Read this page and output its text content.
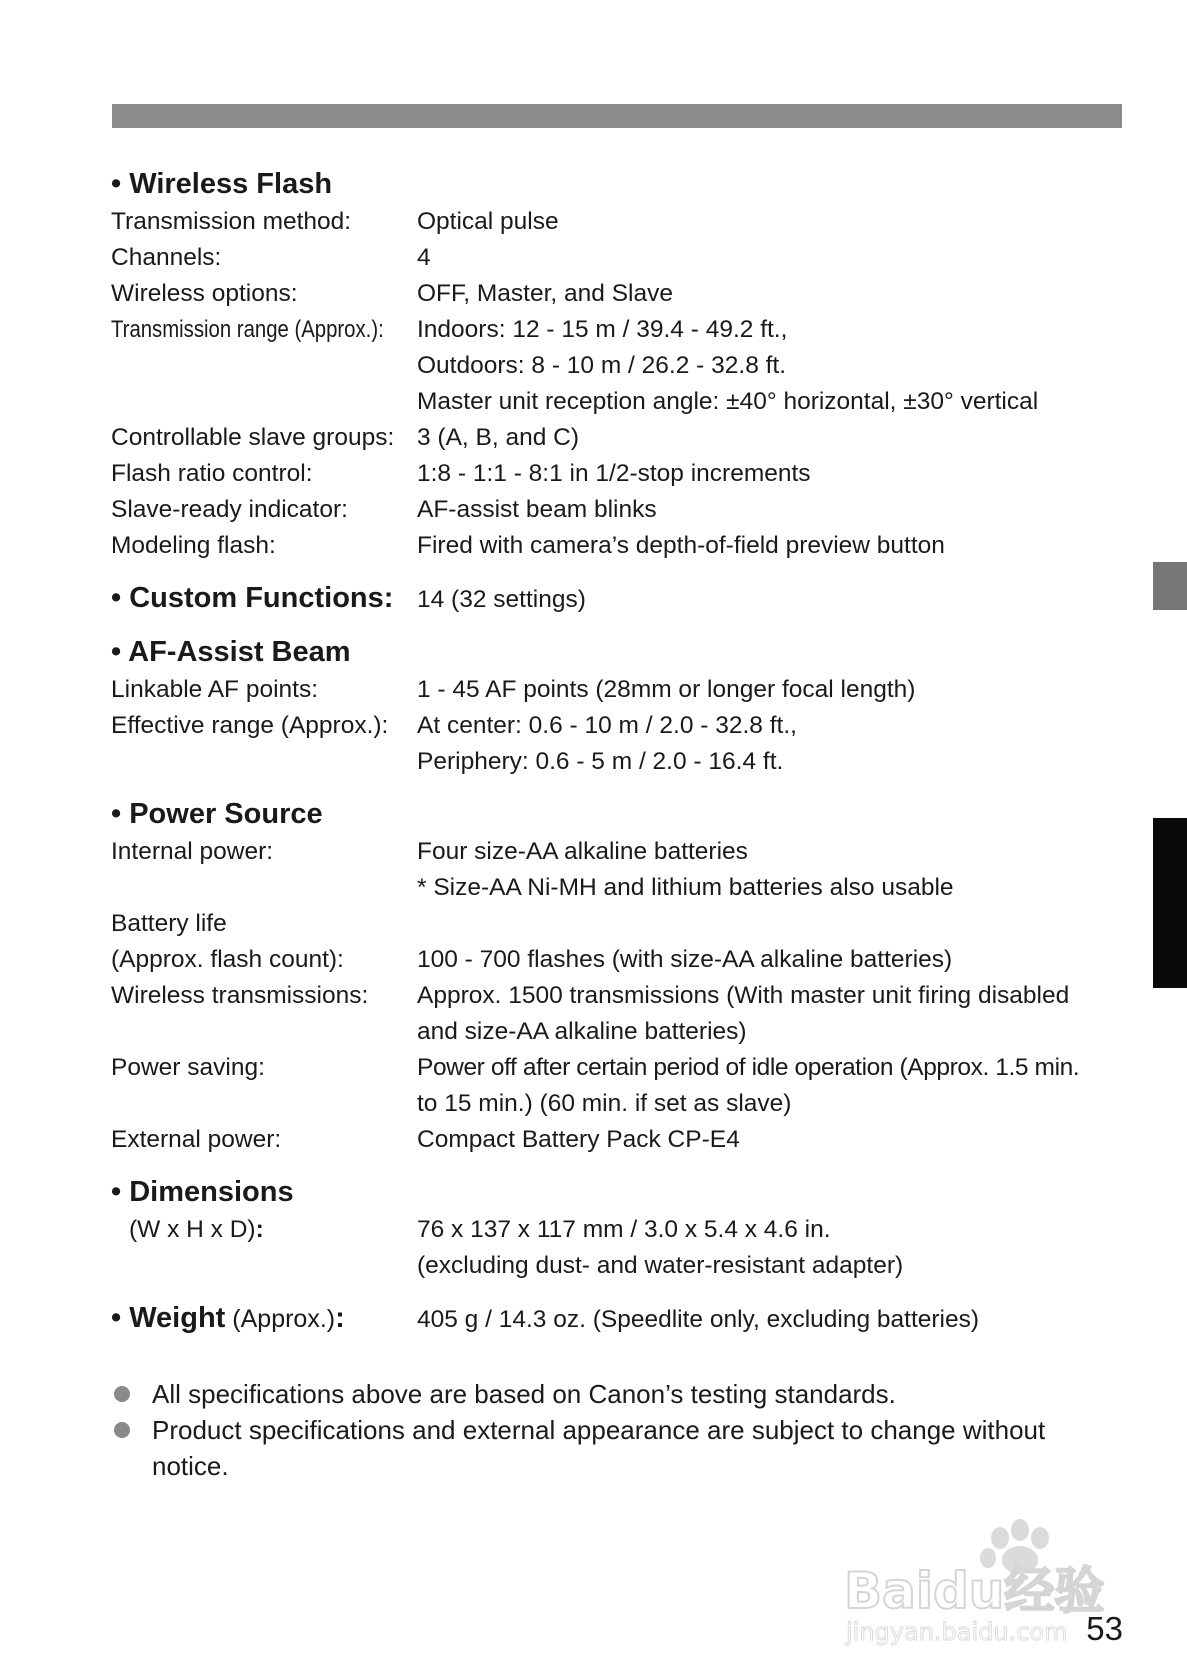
• Wireless Flash
Transmission method:	Optical pulse
Channels:	4
Wireless options:	OFF, Master, and Slave
Transmission range (Approx.):	Indoors: 12 - 15 m / 39.4 - 49.2 ft.,
Outdoors: 8 - 10 m / 26.2 - 32.8 ft.
Master unit reception angle: ±40° horizontal, ±30° vertical
Controllable slave groups: 3 (A, B, and C)
Flash ratio control:	1:8 - 1:1 - 8:1 in 1/2-stop increments
Slave-ready indicator:	AF-assist beam blinks
Modeling flash:	Fired with camera’s depth-of-field preview button
• Custom Functions: 14 (32 settings)
• AF-Assist Beam
Linkable AF points:	1 - 45 AF points (28mm or longer focal length)
Effective range (Approx.):	At center: 0.6 - 10 m / 2.0 - 32.8 ft.,
Periphery: 0.6 - 5 m / 2.0 - 16.4 ft.
• Power Source
Internal power:	Four size-AA alkaline batteries
* Size-AA Ni-MH and lithium batteries also usable
Battery life
(Approx. flash count):	100 - 700 flashes (with size-AA alkaline batteries)
Wireless transmissions:	Approx. 1500 transmissions (With master unit firing disabled
and size-AA alkaline batteries)
Power saving:	Power off after certain period of idle operation (Approx. 1.5 min.
to 15 min.) (60 min. if set as slave)
External power:	Compact Battery Pack CP-E4
• Dimensions
(W x H x D):	76 x 137 x 117 mm / 3.0 x 5.4 x 4.6 in.
(excluding dust- and water-resistant adapter)
• Weight (Approx.):	405 g / 14.3 oz. (Speedlite only, excluding batteries)
All specifications above are based on Canon’s testing standards.
Product specifications and external appearance are subject to change without notice.
Baidu经验
jingyan.baidu.com 53
